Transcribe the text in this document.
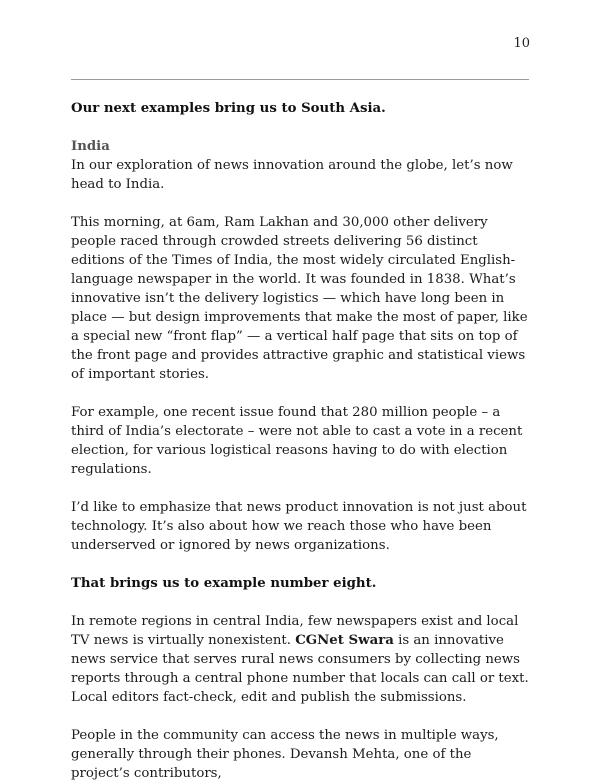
10

Our next examples bring us to South Asia.

India

In our exploration of news innovation around the globe, let’s now head to India.

This morning, at 6am, Ram Lakhan and 30,000 other delivery people raced through crowded streets delivering 56 distinct editions of the Times of India, the most widely circulated English-language newspaper in the world. It was founded in 1838. What’s innovative isn’t the delivery logistics — which have long been in place — but design improvements that make the most of paper, like a special new “front flap” — a vertical half page that sits on top of the front page and provides attractive graphic and statistical views of important stories.

For example, one recent issue found that 280 million people – a third of India’s electorate – were not able to cast a vote in a recent election, for various logistical reasons having to do with election regulations.

I’d like to emphasize that news product innovation is not just about technology. It’s also about how we reach those who have been underserved or ignored by news organizations.

That brings us to example number eight.

In remote regions in central India, few newspapers exist and local TV news is virtually nonexistent. CGNet Swara is an innovative news service that serves rural news consumers by collecting news reports through a central phone number that locals can call or text. Local editors fact-check, edit and publish the submissions.

People in the community can access the news in multiple ways, generally through their phones. Devansh Mehta, one of the project’s contributors,
